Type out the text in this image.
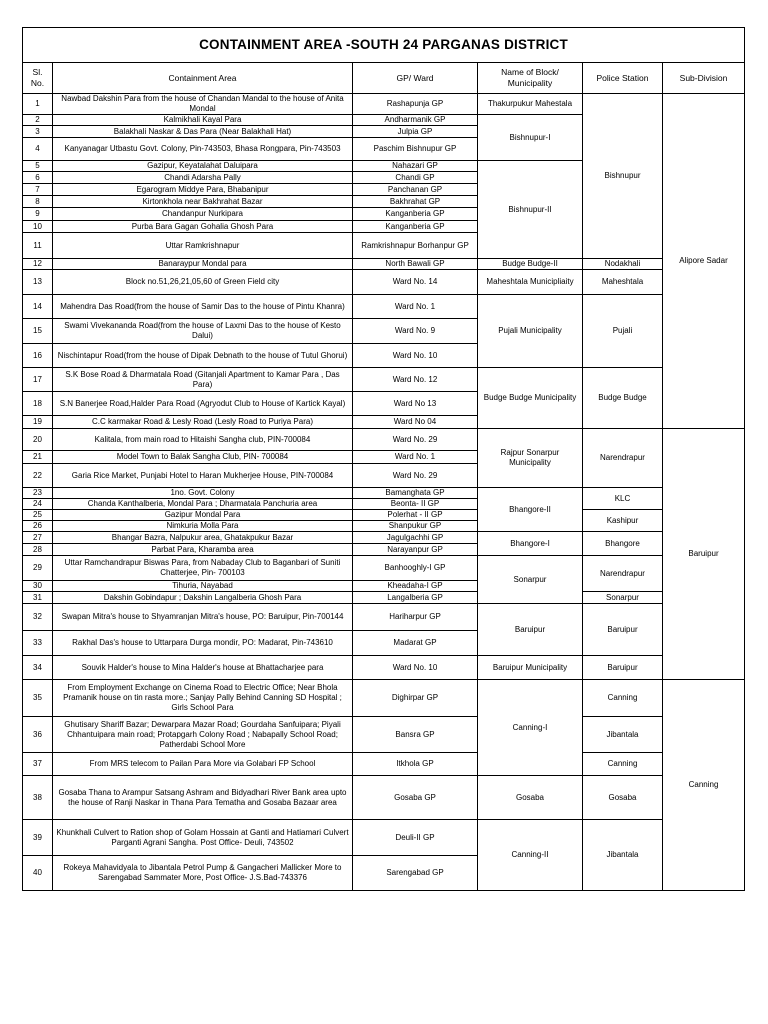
CONTAINMENT AREA -SOUTH 24 PARGANAS DISTRICT					
Sl. No.	Containment Area	GP/ Ward	Name of Block/ Municipality	Police Station	Sub-Division
1	Nawbad Dakshin Para from the house of Chandan Mandal to the house of Anita Mondal	Rashapunja GP	Thakurpukur Mahestala	Bishnupur	Alipore Sadar
2	Kalmikhali Kayal Para	Andharmanik GP	Bishnupur-I		
3	Balakhali Naskar & Das Para (Near Balakhali Hat)	Julpia GP			
4	Kanyanagar Utbastu Govt. Colony, Pin-743503, Bhasa Rongpara, Pin-743503	Paschim Bishnupur GP			
5	Gazipur, Keyatalahat Daluipara	Nahazari GP	Bishnupur-II		
6	Chandi Adarsha Pally	Chandi GP			
7	Egarogram Middye Para, Bhabanipur	Panchanan GP			
8	Kirtonkhola near Bakhrahat Bazar	Bakhrahat GP			
9	Chandanpur Nurkipara	Kanganberia GP			
10	Purba Bara Gagan Gohalia Ghosh Para	Kanganberia GP			
11	Uttar Ramkrishnapur	Ramkrishnapur Borhanpur GP			
12	Banaraypur Mondal para	North Bawali GP	Budge Budge-II	Nodakhali	
13	Block no.51,26,21,05,60 of Green Field city	Ward No. 14	Maheshtala Municipliaity	Maheshtala	
14	Mahendra Das Road(from the house of Samir Das to the house of Pintu Khanra)	Ward No. 1	Pujali Municipality	Pujali	
15	Swami Vivekananda Road(from the house of Laxmi Das to the house of Kesto Dalui)	Ward No. 9			
16	Nischintapur Road(from the house of Dipak Debnath to the house of Tutul Ghorui)	Ward No. 10			
17	S.K Bose Road & Dharmatala Road (Gitanjali Apartment to Kamar Para , Das Para)	Ward No. 12	Budge Budge Municipality	Budge Budge	
18	S.N Banerjee Road,Halder Para Road (Agryodut Club to House of Kartick Kayal)	Ward No 13			
19	C.C karmakar Road & Lesly Road (Lesly Road to Puriya Para)	Ward No 04			
20	Kalitala, from main road to Hitaishi Sangha club, PIN-700084	Ward No. 29	Rajpur Sonarpur Municipality	Narendrapur	Baruipur
21	Model Town to Balak Sangha Club, PIN- 700084	Ward No. 1			
22	Garia Rice Market, Punjabi Hotel to Haran Mukherjee House, PIN-700084	Ward No. 29			
23	1no. Govt. Colony	Bamanghata GP	Bhangore-II	KLC	
24	Chanda Kanthalberia, Mondal Para ; Dharmatala Panchuria area	Beonta- II GP			
25	Gazipur Mondal Para	Polerhat - II GP		Kashipur	
26	Nimkuria Molla Para	Shanpukur GP			
27	Bhangar Bazra, Nalpukur area, Ghatakpukur Bazar	Jagulgachhi GP	Bhangore-I	Bhangore	
28	Parbat Para, Kharamba area	Narayanpur GP			
29	Uttar Ramchandrapur Biswas Para, from Nabaday Club to Baganbari of Suniti Chatterjee, Pin- 700103	Banhooghly-I GP	Sonarpur	Narendrapur	
30	Tihuria, Nayabad	Kheadaha-I GP			
31	Dakshin Gobindapur ; Dakshin Langalberia Ghosh Para	Langalberia GP		Sonarpur	
32	Swapan Mitra's house to Shyamranjan Mitra's house, PO: Baruipur, Pin-700144	Hariharpur GP	Baruipur	Baruipur	
33	Rakhal Das's house to Uttarpara Durga mondir, PO: Madarat, Pin-743610	Madarat GP			
34	Souvik Halder's house to Mina Halder's house at Bhattacharjee para	Ward No. 10	Baruipur Municipality	Baruipur	
35	From Employment Exchange on Cinema Road to Electric Office; Near Bhola Pramanik house on tin rasta more.; Sanjay Pally Behind Canning SD Hospital ; Girls School Para	Dighirpar GP	Canning-I	Canning	Canning
36	Ghutisary Shariff Bazar; Dewarpara Mazar Road; Gourdaha Sanfuipara; Piyali Chhantuipara main road; Protapgarh Colony Road ; Nabapally School Road; Patherdabi School More	Bansra GP		Jibantala	
37	From MRS telecom to Pailan Para More via Golabari FP School	Itkhola GP		Canning	
38	Gosaba Thana to Arampur Satsang Ashram and Bidyadhari River Bank area upto the house of Ranji Naskar in Thana Para Tematha and Gosaba Bazaar area	Gosaba GP	Gosaba	Gosaba	
39	Khunkhali Culvert to Ration shop of Golam Hossain at Ganti and Hatiamari Culvert Parganti Agrani Sangha. Post Office- Deuli, 743502	Deuli-II GP	Canning-II	Jibantala	
40	Rokeya Mahavidyala to Jibantala Petrol Pump & Gangacheri Mallicker More to Sarengabad Sammater More, Post Office- J.S.Bad-743376	Sarengabad GP			
